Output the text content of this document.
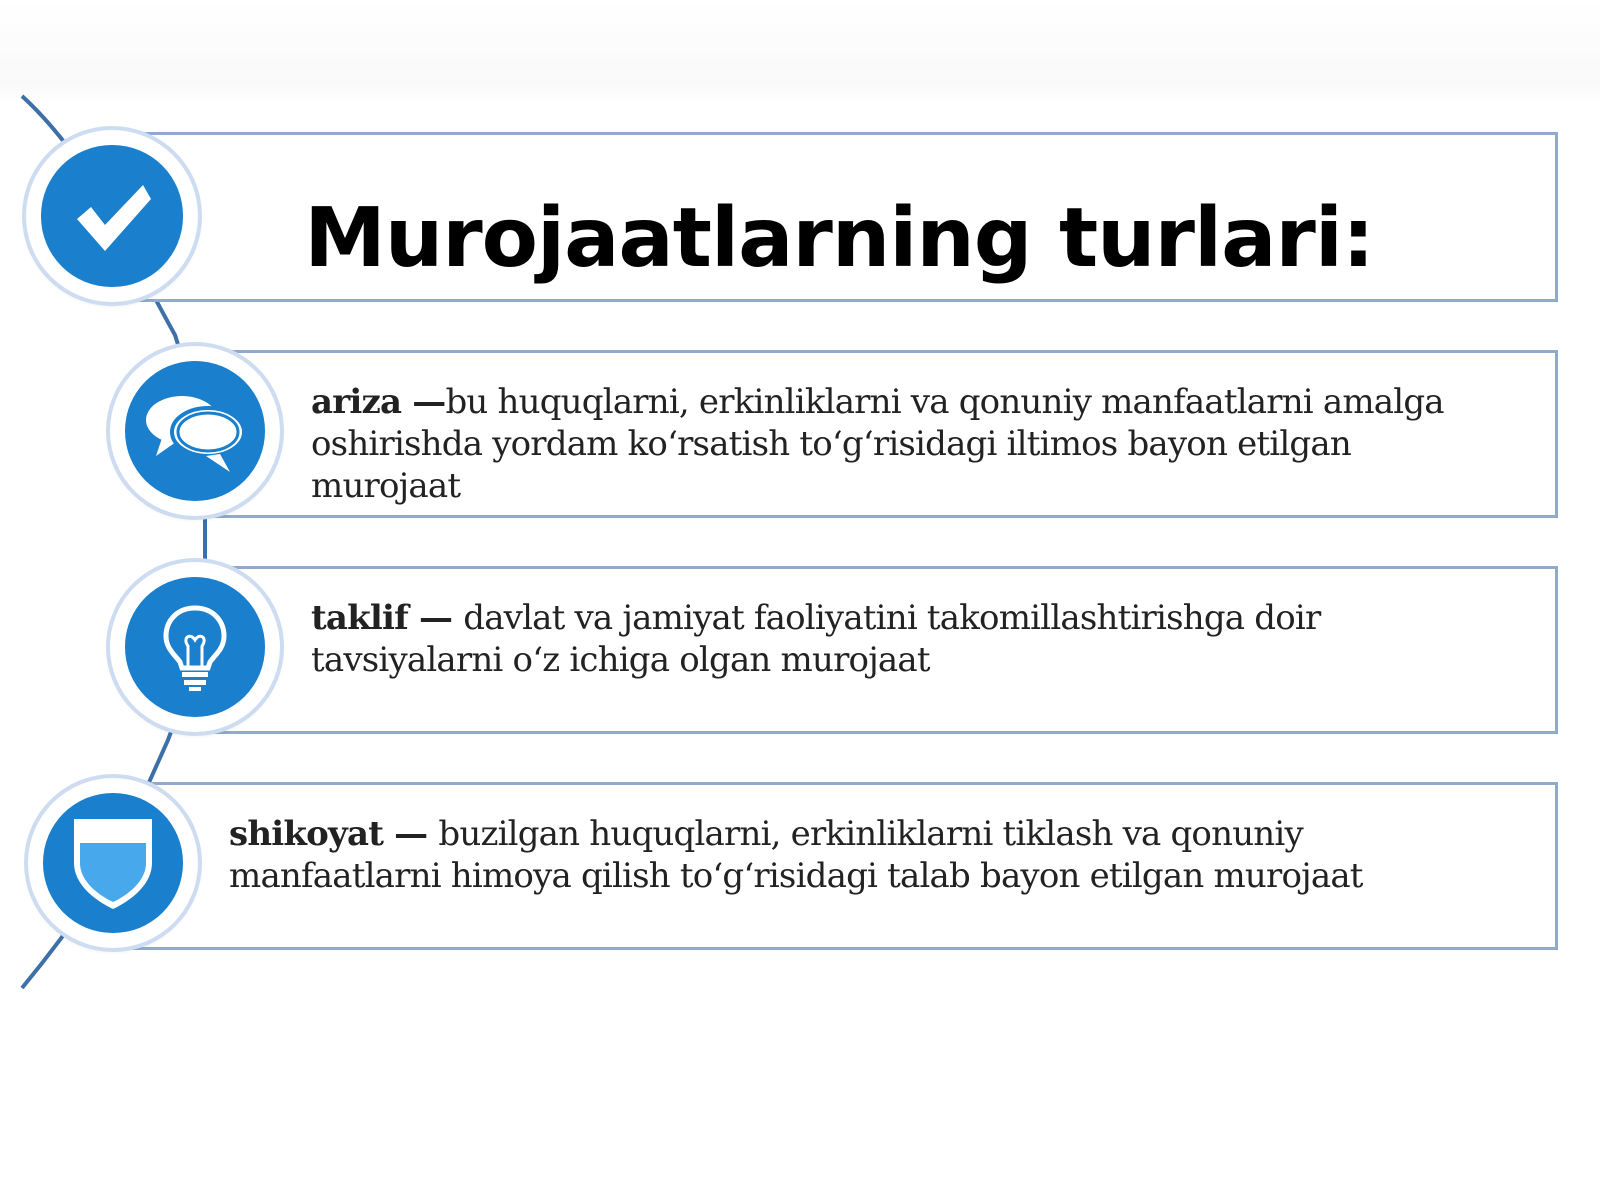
Murojaatlarning turlari:
ariza —bu huquqlarni, erkinliklarni va qonuniy manfaatlarni amalga oshirishda yordam ko‘rsatish to‘g‘risidagi iltimos bayon etilgan murojaat
taklif — davlat va jamiyat faoliyatini takomillashtirishga doir tavsiyalarni o‘z ichiga olgan murojaat
shikoyat — buzilgan huquqlarni, erkinliklarni tiklash va qonuniy manfaatlarni himoya qilish to‘g‘risidagi talab bayon etilgan murojaat
